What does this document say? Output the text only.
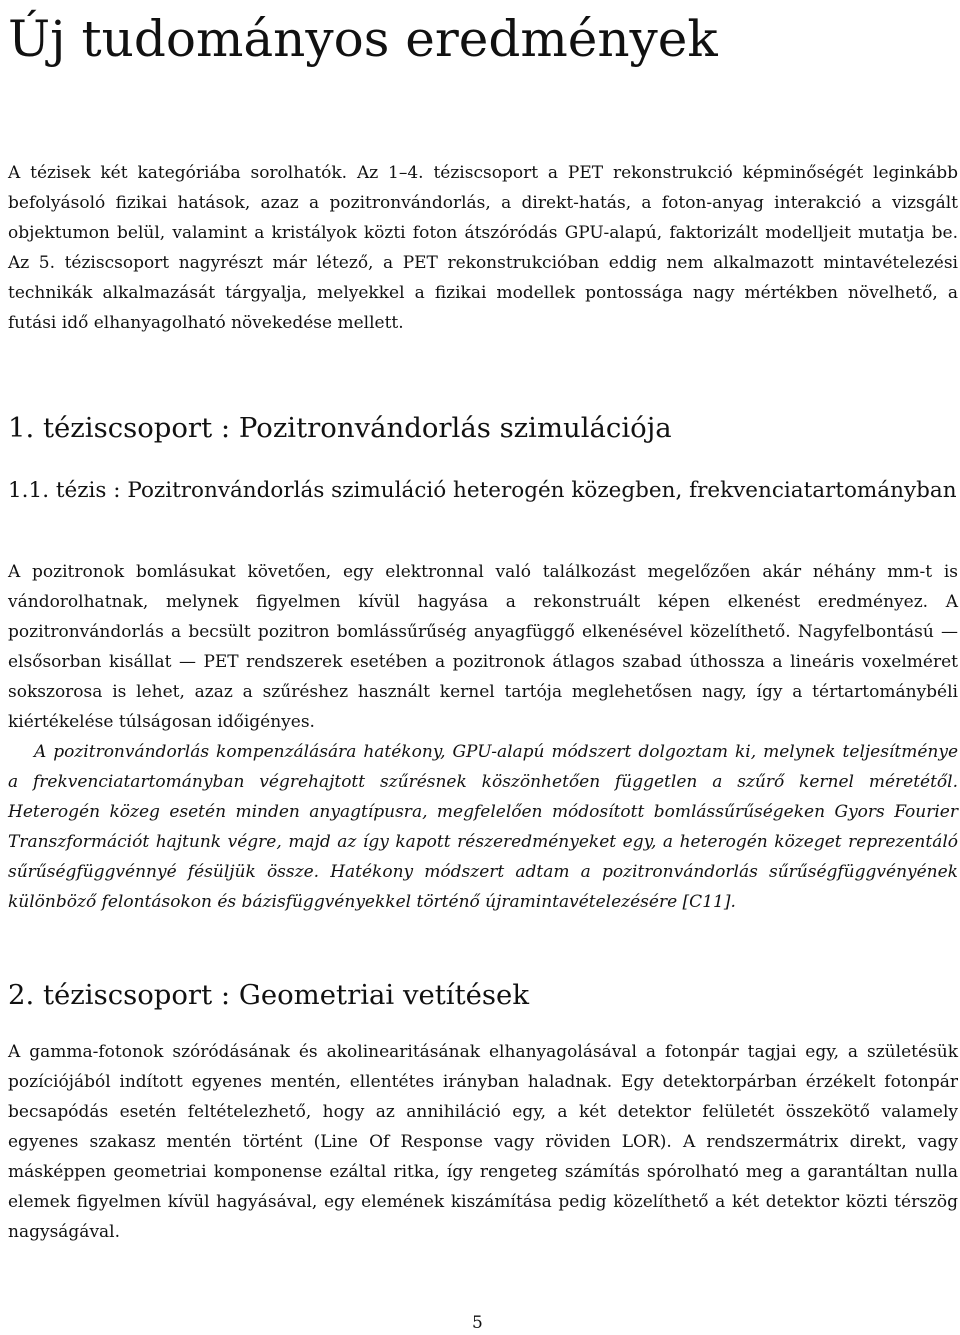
Új tudományos eredmények

A tézisek két kategóriába sorolhatók. Az 1–4. téziscsoport a PET rekonstrukció képminőségét leginkább befolyásoló fizikai hatások, azaz a pozitronvándorlás, a direkt-hatás, a foton-anyag interakció a vizsgált objektumon belül, valamint a kristályok közti foton átszóródás GPU-alapú, faktorizált modelljeit mutatja be. Az 5. téziscsoport nagyrészt már létező, a PET rekonstrukcióban eddig nem alkalmazott mintavételezési technikák alkalmazását tárgyalja, melyekkel a fizikai modellek pontossága nagy mértékben növelhető, a futási idő elhanyagolható növekedése mellett.

1. téziscsoport : Pozitronvándorlás szimulációja
1.1. tézis : Pozitronvándorlás szimuláció heterogén közegben, frekvenciatartományban
A pozitronok bomlásukat követően, egy elektronnal való találkozást megelőzően akár néhány mm-t is vándorolhatnak, melynek figyelmen kívül hagyása a rekonstruált képen elkenést eredményez. A pozitronvándorlás a becsült pozitron bomlássűrűség anyagfüggő elkenésével közelíthető. Nagyfelbontású — elsősorban kisállat — PET rendszerek esetében a pozitronok átlagos szabad úthossza a lineáris voxelméret sokszorosa is lehet, azaz a szűréshez használt kernel tartója meglehetősen nagy, így a tértartománybéli kiértékelése túlságosan időigényes.
A pozitronvándorlás kompenzálására hatékony, GPU-alapú módszert dolgoztam ki, melynek teljesítménye a frekvenciatartományban végrehajtott szűrésnek köszönhetően független a szűrő kernel méretétől. Heterogén közeg esetén minden anyagtípusra, megfelelően módosított bomlássűrűségeken Gyors Fourier Transzformációt hajtunk végre, majd az így kapott részeredményeket egy, a heterogén közeget reprezentáló sűrűségfüggvénnyé fésüljük össze. Hatékony módszert adtam a pozitronvándorlás sűrűségfüggvényének különböző felontásokon és bázisfüggvényekkel történő újramintavételezésére [C11].
2. téziscsoport : Geometriai vetítések

A gamma-fotonok szóródásának és akolinearitásának elhanyagolásával a fotonpár tagjai egy, a születésük pozíciójából indított egyenes mentén, ellentétes irányban haladnak. Egy detektorpárban érzékelt fotonpár becsapódás esetén feltételezhető, hogy az annihiláció egy, a két detektor felületét összekötő valamely egyenes szakasz mentén történt (Line Of Response vagy röviden LOR). A rendszermátrix direkt, vagy másképpen geometriai komponense ezáltal ritka, így rengeteg számítás spórolható meg a garantáltan nulla elemek figyelmen kívül hagyásával, egy elemének kiszámítása pedig közelíthető a két detektor közti térszög nagyságával.

5
